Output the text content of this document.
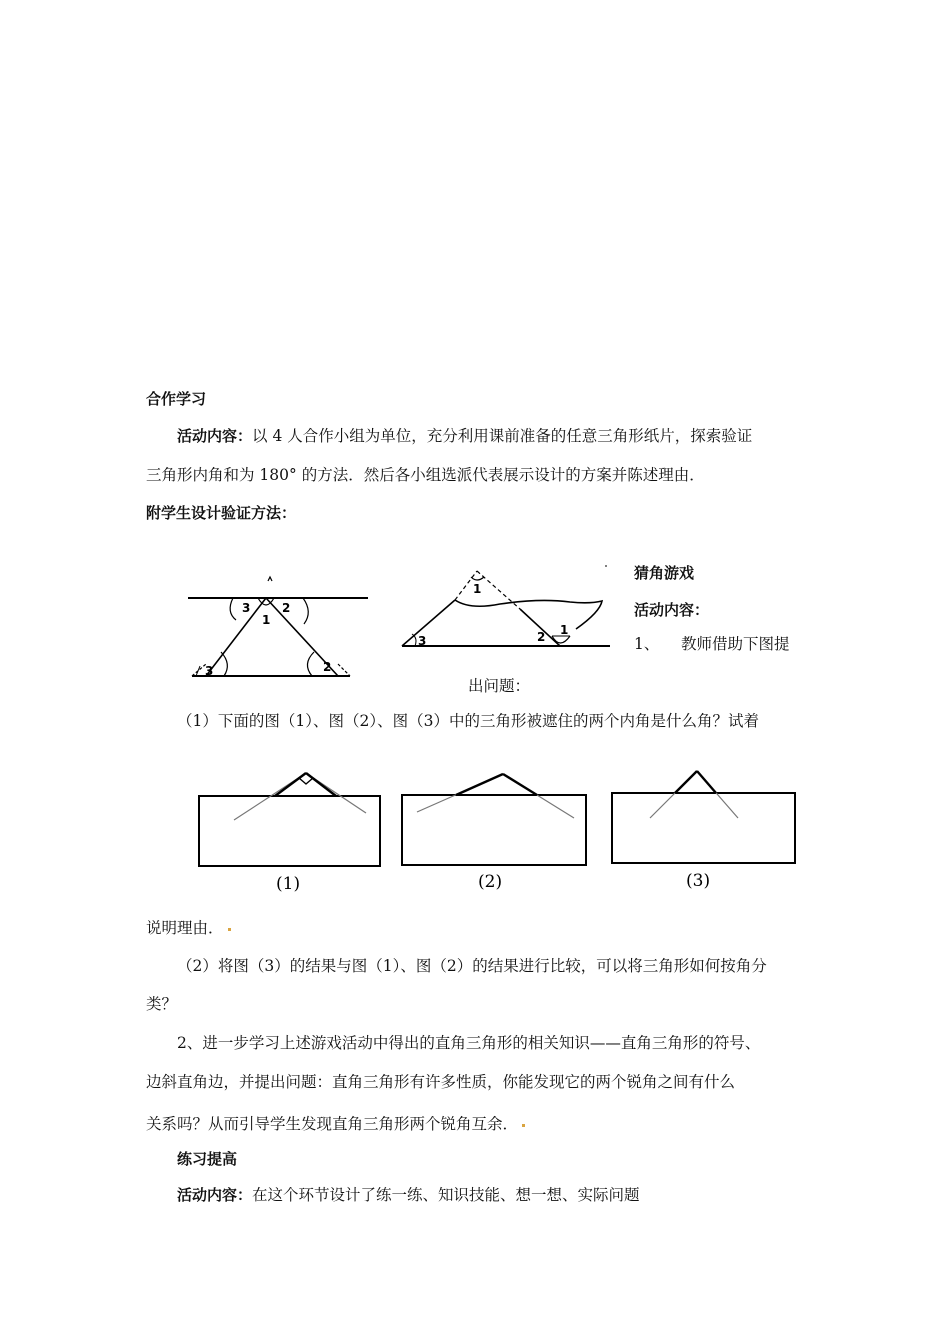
合作学习
活动内容：以 4 人合作小组为单位，充分利用课前准备的任意三角形纸片，探索验证
三角形内角和为 180° 的方法．然后各小组选派代表展示设计的方案并陈述理由．
附学生设计验证方法：
3	2
1
3	2
1
3	2 1
猜角游戏
活动内容：
1、 教师借助下图提
出问题：
（1）下面的图（1）、图（2）、图（3）中的三角形被遮住的两个内角是什么角？试着
(1)	(2)	(3)
说明理由．
（2）将图（3）的结果与图（1）、图（2）的结果进行比较，可以将三角形如何按角分
类？
2、进一步学习上述游戏活动中得出的直角三角形的相关知识——直角三角形的符号、
边斜直角边，并提出问题：直角三角形有许多性质，你能发现它的两个锐角之间有什么
关系吗？从而引导学生发现直角三角形两个锐角互余．
练习提高
活动内容：在这个环节设计了练一练、知识技能、想一想、实际问题
